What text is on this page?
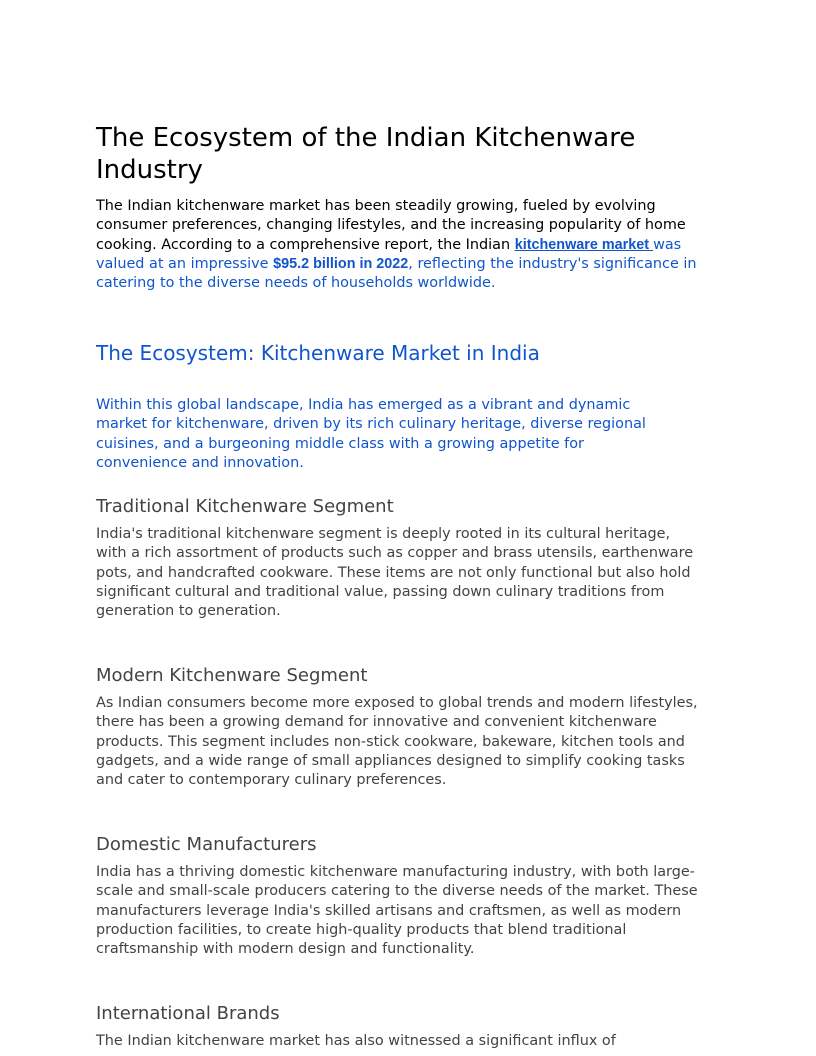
The Ecosystem of the Indian Kitchenware Industry

The Indian kitchenware market has been steadily growing, fueled by evolving

consumer preferences, changing lifestyles, and the increasing popularity of home

cooking. According to a comprehensive report, the Indian kitchenware market was

valued at an impressive $95.2 billion in 2022, reflecting the industry's significance in

catering to the diverse needs of households worldwide.

The Ecosystem: Kitchenware Market in India

Within this global landscape, India has emerged as a vibrant and dynamic

market for kitchenware, driven by its rich culinary heritage, diverse regional

cuisines, and a burgeoning middle class with a growing appetite for

convenience and innovation.

Traditional Kitchenware Segment

India's traditional kitchenware segment is deeply rooted in its cultural heritage,

with a rich assortment of products such as copper and brass utensils, earthenware

pots, and handcrafted cookware. These items are not only functional but also hold

significant cultural and traditional value, passing down culinary traditions from

generation to generation.

Modern Kitchenware Segment

As Indian consumers become more exposed to global trends and modern lifestyles,

there has been a growing demand for innovative and convenient kitchenware

products. This segment includes non-stick cookware, bakeware, kitchen tools and

gadgets, and a wide range of small appliances designed to simplify cooking tasks

and cater to contemporary culinary preferences.

Domestic Manufacturers

India has a thriving domestic kitchenware manufacturing industry, with both large-

scale and small-scale producers catering to the diverse needs of the market. These

manufacturers leverage India's skilled artisans and craftsmen, as well as modern

production facilities, to create high-quality products that blend traditional

craftsmanship with modern design and functionality.

International Brands

The Indian kitchenware market has also witnessed a significant influx of
